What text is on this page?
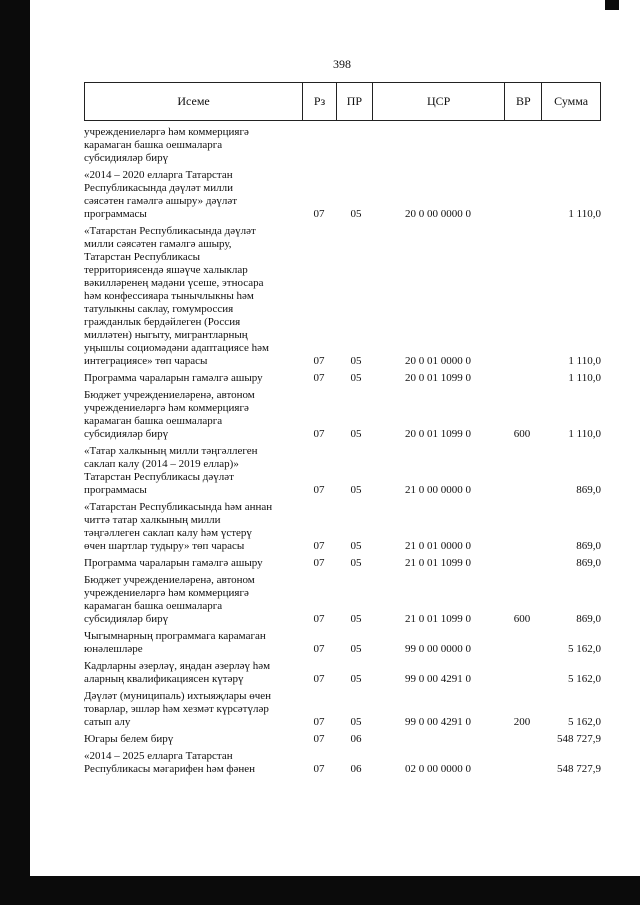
398
Исеме	Рз	ПР	ЦСР	ВР	Сумма
учреждениеләргә һәм коммерциягә
карамаган башка оешмаларга
субсидияләр бирү
«2014 – 2020 елларга Татарстан
Республикасында дәүләт милли
сәясәтен гамәлгә ашыру» дәүләт
программасы	07	05	20 0 00 0000 0	1 110,0
«Татарстан Республикасында дәүләт
милли сәясәтен гамәлгә ашыру,
Татарстан Республикасы
территориясендә яшәүче халыклар
вәкилләренең мәдәни үсеше, этносара
һәм конфессияара тынычлыкны һәм
татулыкны саклау, гомумроссия
гражданлык бердәйлеген (Россия
милләтен) ныгыту, мигрантларның
уңышлы социомәдәни адаптациясе һәм
интеграциясе» төп чарасы	07	05	20 0 01 0000 0	1 110,0
Программа чараларын гамәлгә ашыру	07	05	20 0 01 1099 0	1 110,0
Бюджет учреждениеләренә, автоном
учреждениеләргә һәм коммерциягә
карамаган башка оешмаларга
субсидияләр бирү	07	05	20 0 01 1099 0	600	1 110,0
«Татар халкының милли тәңгәллеген
саклап калу (2014 – 2019 еллар)»
Татарстан Республикасы дәүләт
программасы	07	05	21 0 00 0000 0	869,0
«Татарстан Республикасында һәм аннан
читтә татар халкының милли
тәңгәллеген саклап калу һәм үстерү
өчен шартлар тудыру» төп чарасы	07	05	21 0 01 0000 0	869,0
Программа чараларын гамәлгә ашыру	07	05	21 0 01 1099 0	869,0
Бюджет учреждениеләренә, автоном
учреждениеләргә һәм коммерциягә
карамаган башка оешмаларга
субсидияләр бирү	07	05	21 0 01 1099 0	600	869,0
Чыгымнарның программага карамаган
юнәлешләре	07	05	99 0 00 0000 0	5 162,0
Кадрларны әзерләү, яңадан әзерләү һәм
аларның квалификациясен күтәрү	07	05	99 0 00 4291 0	5 162,0
Дәүләт (муниципаль) ихтыяҗлары өчен
товарлар, эшләр һәм хезмәт күрсәтүләр
сатып алу	07	05	99 0 00 4291 0	200	5 162,0
Югары белем бирү	07	06	548 727,9
«2014 – 2025 елларга Татарстан
Республикасы мәгарифен һәм фәнен	07	06	02 0 00 0000 0	548 727,9
